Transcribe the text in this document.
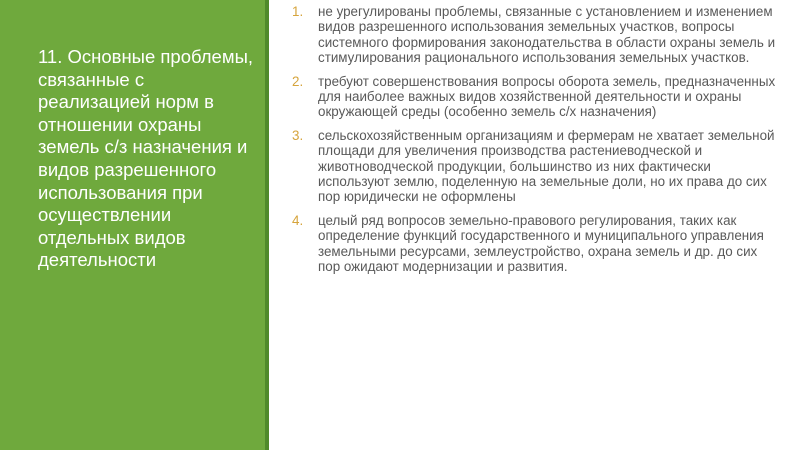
11. Основные проблемы, связанные с реализацией норм в отношении охраны земель с/з назначения и видов разрешенного использования при осуществлении отдельных видов деятельности
1. не урегулированы проблемы, связанные с установлением и изменением видов разрешенного использования земельных участков, вопросы системного формирования законодательства в области охраны земель и стимулирования рационального использования земельных участков.
2. требуют совершенствования вопросы оборота земель, предназначенных для наиболее важных видов хозяйственной деятельности и охраны окружающей среды (особенно земель с/х назначения)
3. сельскохозяйственным организациям и фермерам не хватает земельной площади для увеличения производства растениеводческой и животноводческой продукции, большинство из них фактически используют землю, поделенную на земельные доли, но их права до сих пор юридически не оформлены
4. целый ряд вопросов земельно-правового регулирования, таких как определение функций государственного и муниципального управления земельными ресурсами, землеустройство, охрана земель и др. до сих пор ожидают модернизации и развития.
